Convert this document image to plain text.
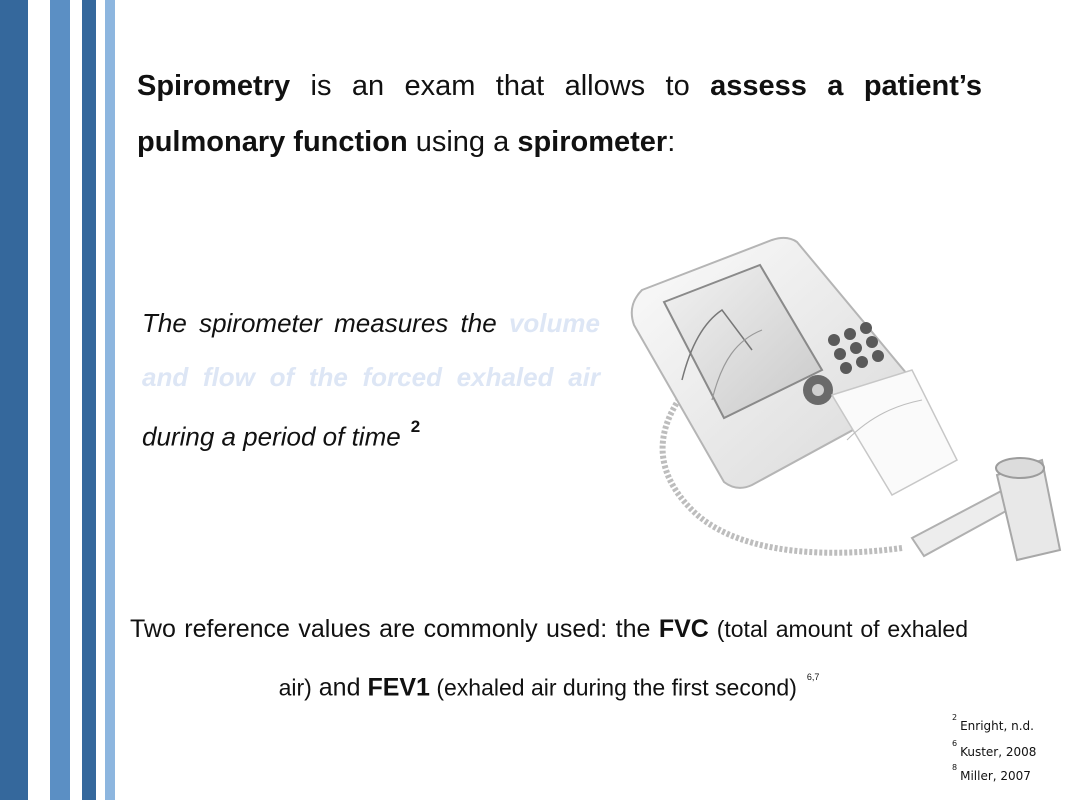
Spirometry is an exam that allows to assess a patient’s pulmonary function using a spirometer:

The spirometer measures the volume and flow of the forced exhaled air during a period of time $^2$

Two reference values are commonly used: the FVC (total amount of exhaled air) and FEV1 (exhaled air during the first second) $^{6,7}$

$^2$Enright, n.d.
$^6$Kuster, 2008
$^8$Miller, 2007
